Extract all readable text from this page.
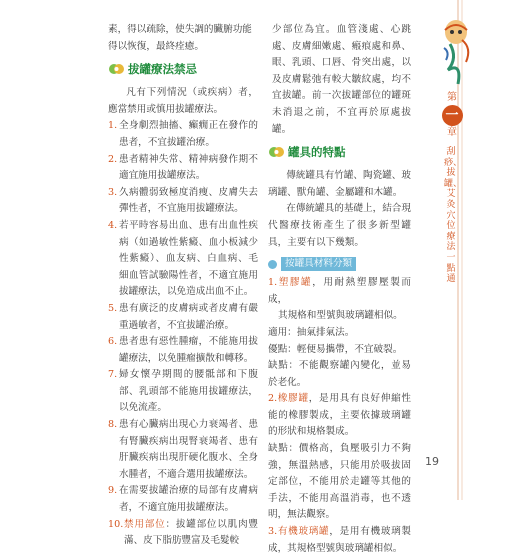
素，得以疏除，使失調的臟腑功能

得以恢復，最終痊癒。

拔罐療法禁忌

凡有下列情況（或疾病）者，應當禁用或慎用拔罐療法。

1. 全身劇烈抽搐、癲癇正在發作的患者，不宜拔罐治療。
2. 患者精神失常、精神病發作期不適宜施用拔罐療法。
3. 久病體弱致極度消瘦、皮膚失去彈性者，不宜施用拔罐療法。
4. 若平時容易出血、患有出血性疾病（如過敏性紫癜、血小板減少性紫癜）、血友病、白血病、毛細血管試驗陽性者，不適宜施用拔罐療法，以免造成出血不止。
5. 患有廣泛的皮膚病或者皮膚有嚴重過敏者，不宜拔罐治療。
6. 患者患有惡性腫瘤，不能施用拔罐療法，以免腫瘤擴散和轉移。
7. 婦女懷孕期間的腰骶部和下腹部、乳頭部不能施用拔罐療法，以免流產。
8. 患有心臟病出現心力衰竭者、患有腎臟疾病出現腎衰竭者、患有肝臟疾病出現肝硬化腹水、全身水腫者，不適合選用拔罐療法。
9. 在需要拔罐治療的局部有皮膚病者，不適宜施用拔罐療法。
10. 禁用部位：拔罐部位以肌肉豐滿、皮下脂肪豐富及毛髮較

少部位為宜。血管淺處、心跳處、皮膚細嫩處、瘢痕處和鼻、眼、乳頭、口唇、骨突出處，以及皮膚鬆弛有較大皺紋處，均不宜拔罐。前一次拔罐部位的罐斑未消退之前，不宜再於原處拔罐。

罐具的特點

傳統罐具有竹罐、陶瓷罐、玻璃罐、獸角罐、金屬罐和木罐。

在傳統罐具的基礎上，結合現代醫療技術產生了很多新型罐具，主要有以下幾類。

按罐具材料分類

1.塑膠罐，用耐熱塑膠壓製而成，

其規格和型號與玻璃罐相似。

適用：抽氣排氣法。

優點：輕便易攜帶，不宜破裂。

缺點：不能觀察罐內變化，並易於老化。

2.橡膠罐，是用具有良好伸縮性能的橡膠製成，主要依據玻璃罐的形狀和規格製成。

缺點：價格高，負壓吸引力不夠強，無溫熱感，只能用於吸拔固定部位，不能用於走罐等其他的手法，不能用高溫消毒，也不透明，無法觀察。

3.有機玻璃罐，是用有機玻璃製成，其規格型號與玻璃罐相似。

第
一
章
刮痧、拔罐、艾灸穴位療法一點通
19
